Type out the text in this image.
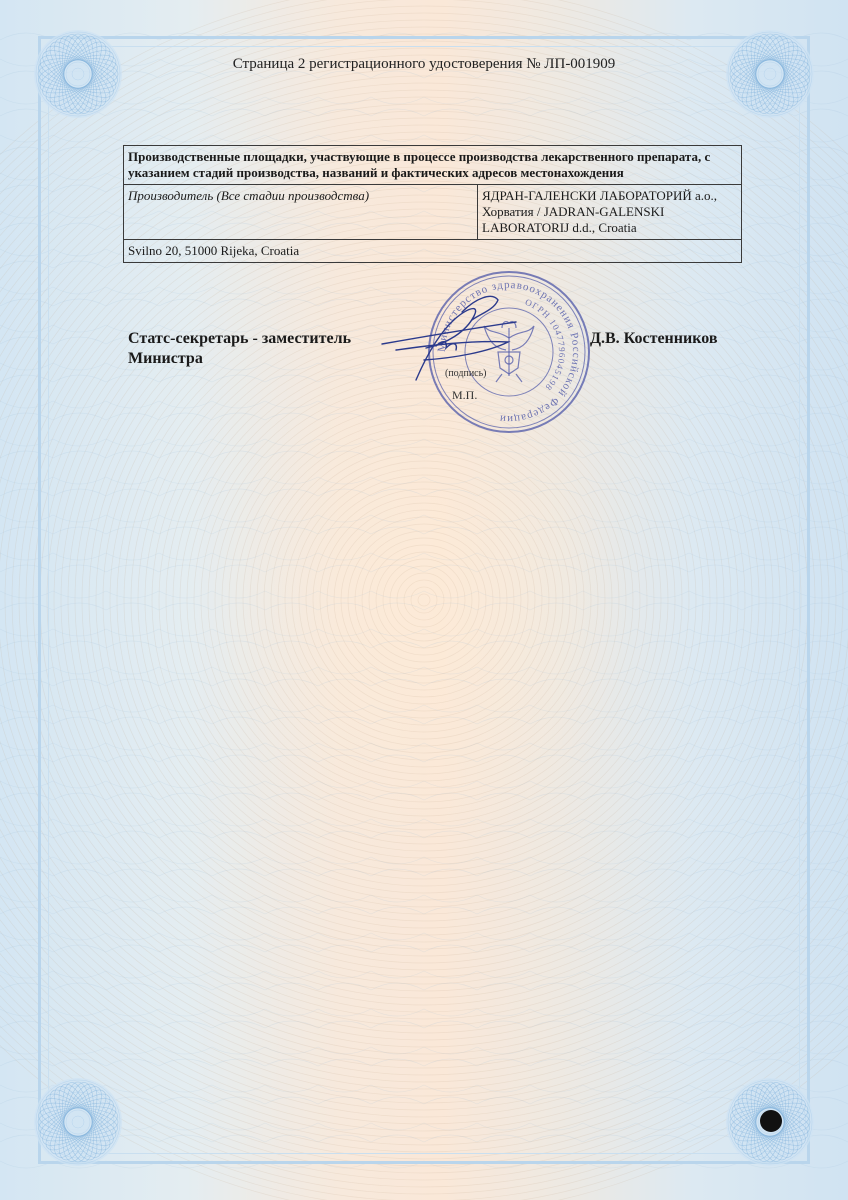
Страница 2 регистрационного удостоверения № ЛП-001909
Производственные площадки, участвующие в процессе производства лекарственного препарата, с указанием стадий производства, названий и фактических адресов местонахождения
Производитель (Все стадии производства)	ЯДРАН-ГАЛЕНСКИ ЛАБОРАТОРИЙ а.о., Хорватия / JADRAN-GALENSKI LABORATORIJ d.d., Croatia
Svilno 20, 51000 Rijeka, Croatia
Министерство здравоохранения Российской Федерации
ОГРН 1047796045198
Статс-секретарь - заместитель
Министра
(подпись)
М.П.
Д.В. Костенников
